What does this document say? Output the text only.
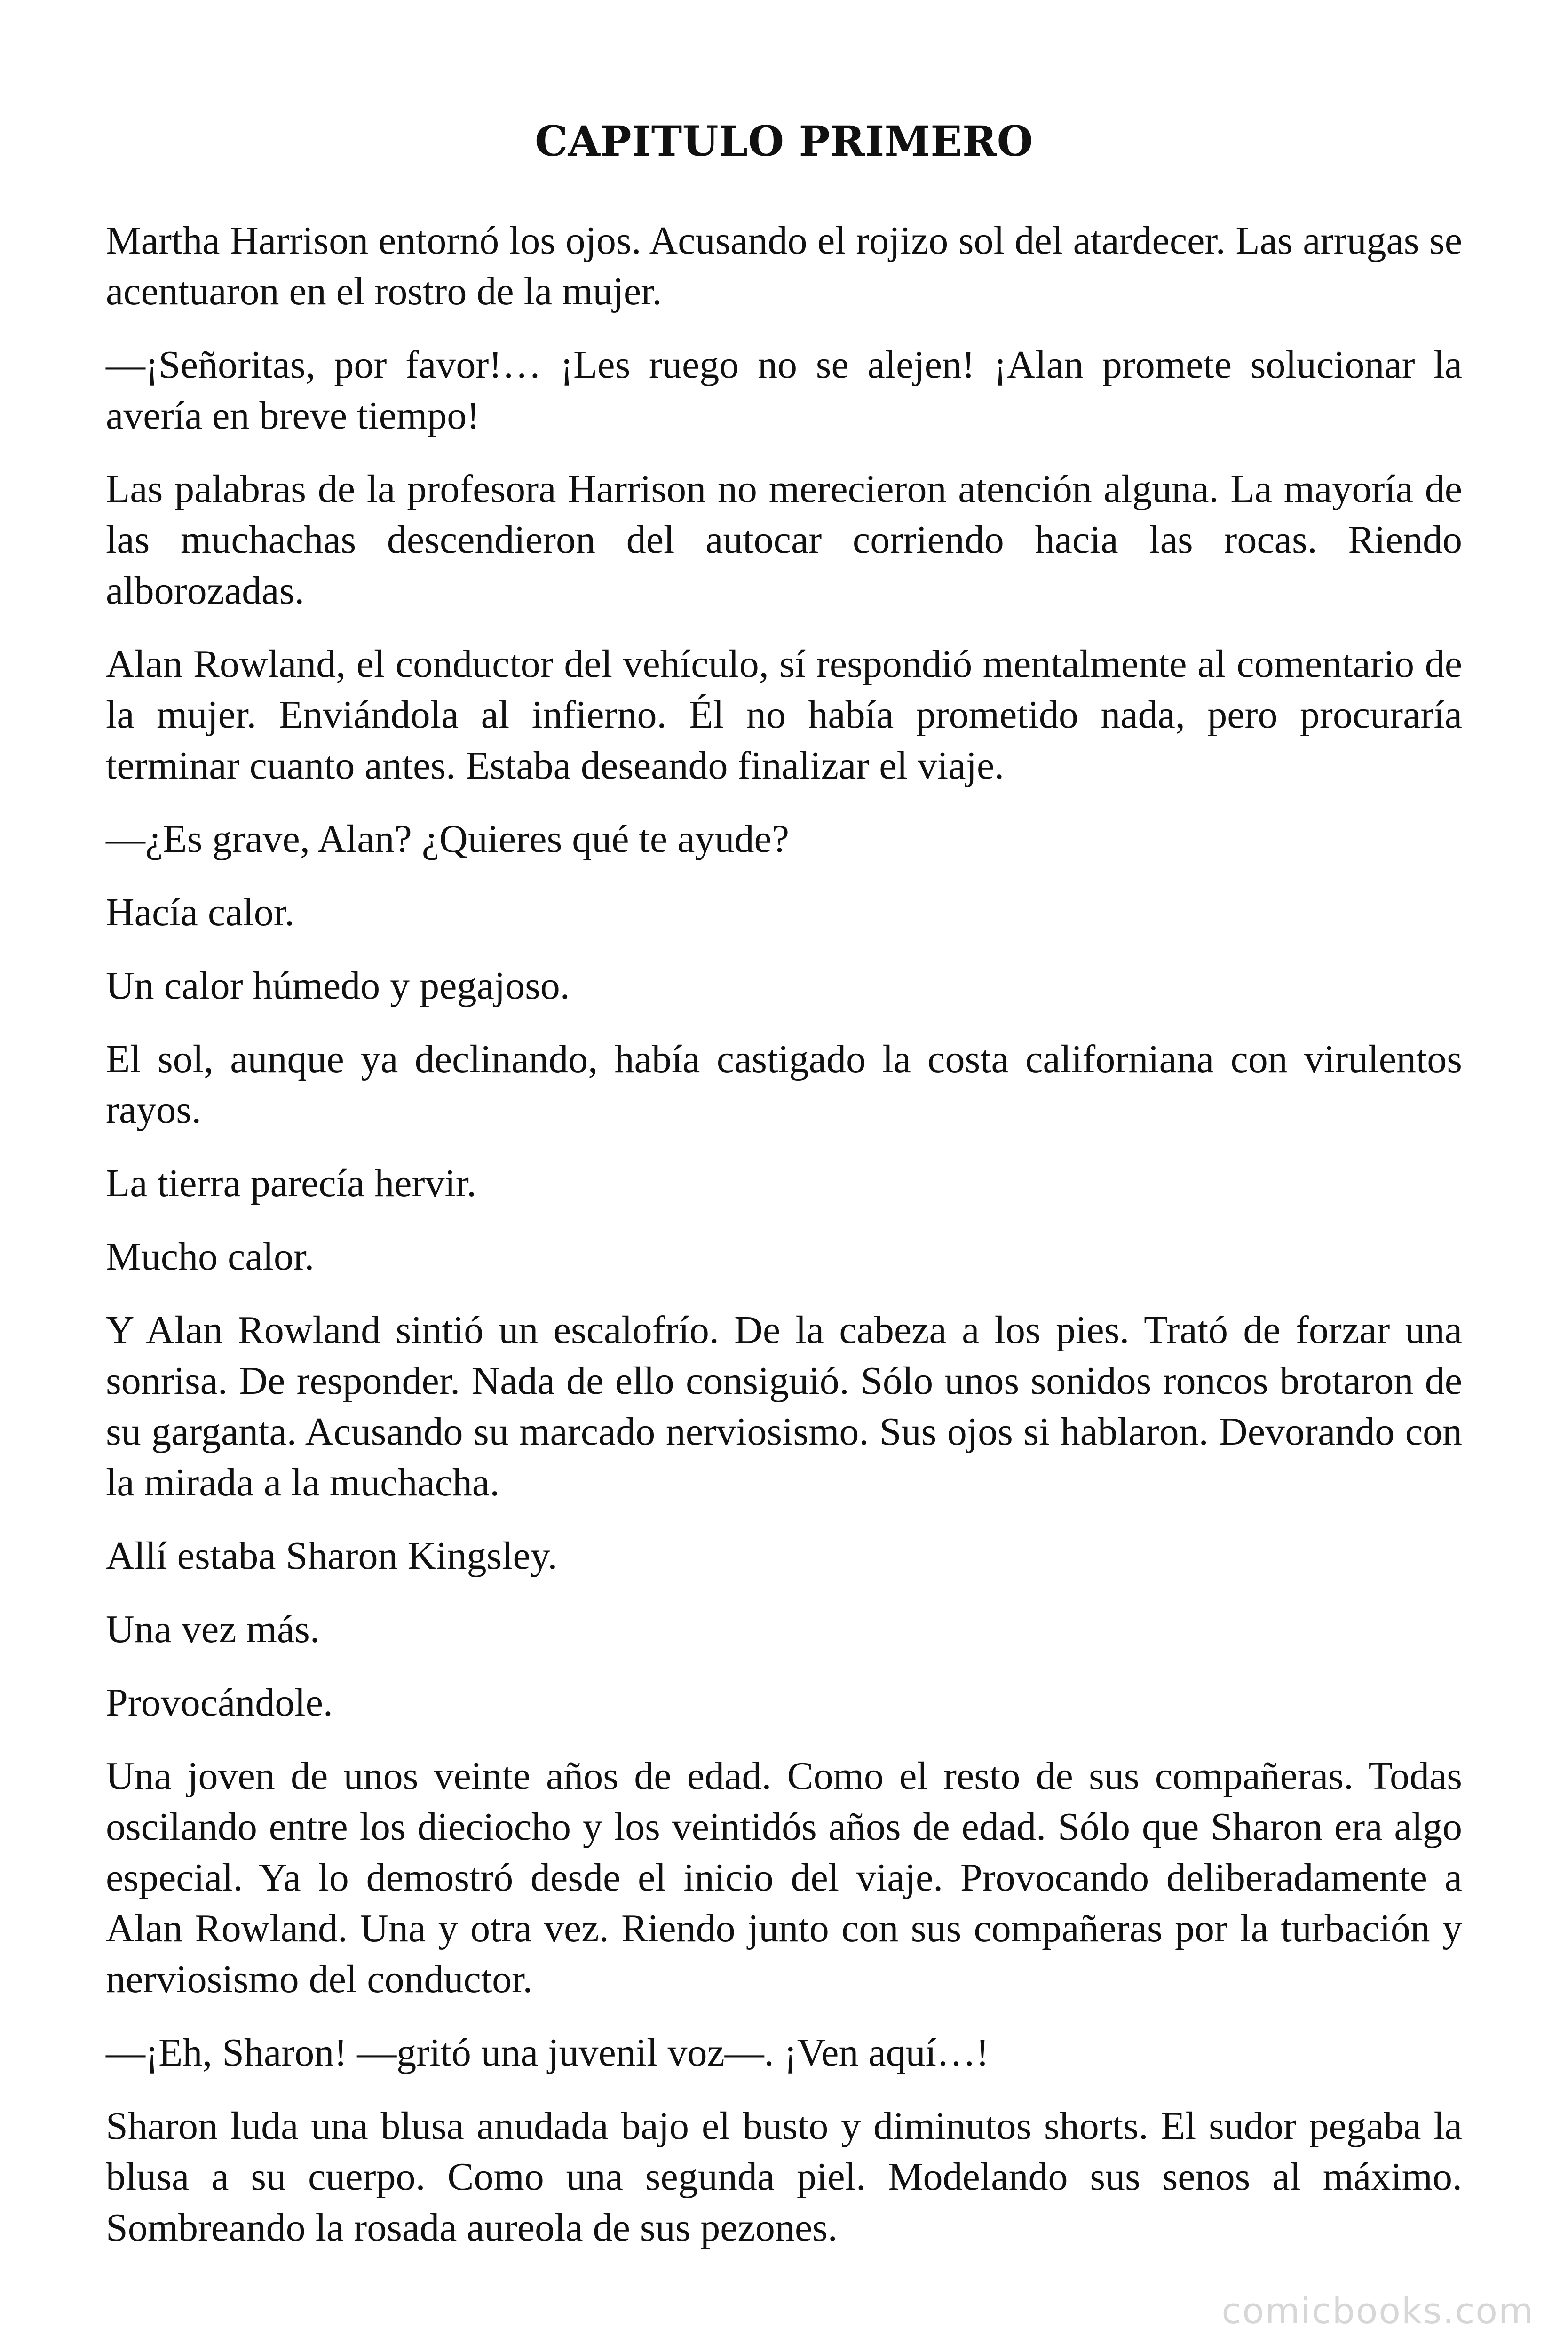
CAPITULO PRIMERO

Martha Harrison entornó los ojos. Acusando el rojizo sol del atardecer. Las arrugas se acentuaron en el rostro de la mujer.

—¡Señoritas, por favor!… ¡Les ruego no se alejen! ¡Alan promete solucionar la avería en breve tiempo!

Las palabras de la profesora Harrison no merecieron atención alguna. La mayoría de las muchachas descendieron del autocar corriendo hacia las rocas. Riendo alborozadas.

Alan Rowland, el conductor del vehículo, sí respondió mentalmente al comentario de la mujer. Enviándola al infierno. Él no había prometido nada, pero procuraría terminar cuanto antes. Estaba deseando finalizar el viaje.

—¿Es grave, Alan? ¿Quieres qué te ayude?

Hacía calor.

Un calor húmedo y pegajoso.

El sol, aunque ya declinando, había castigado la costa californiana con virulentos rayos.

La tierra parecía hervir.

Mucho calor.

Y Alan Rowland sintió un escalofrío. De la cabeza a los pies. Trató de forzar una sonrisa. De responder. Nada de ello consiguió. Sólo unos sonidos roncos brotaron de su garganta. Acusando su marcado nerviosismo. Sus ojos si hablaron. Devorando con la mirada a la muchacha.

Allí estaba Sharon Kingsley.

Una vez más.

Provocándole.

Una joven de unos veinte años de edad. Como el resto de sus compañeras. Todas oscilando entre los dieciocho y los veintidós años de edad. Sólo que Sharon era algo especial. Ya lo demostró desde el inicio del viaje. Provocando deliberadamente a Alan Rowland. Una y otra vez. Riendo junto con sus compañeras por la turbación y nerviosismo del conductor.

—¡Eh, Sharon! —gritó una juvenil voz—. ¡Ven aquí…!

Sharon luda una blusa anudada bajo el busto y diminutos shorts. El sudor pegaba la blusa a su cuerpo. Como una segunda piel. Modelando sus senos al máximo. Sombreando la rosada aureola de sus pezones.

comicbooks.com
